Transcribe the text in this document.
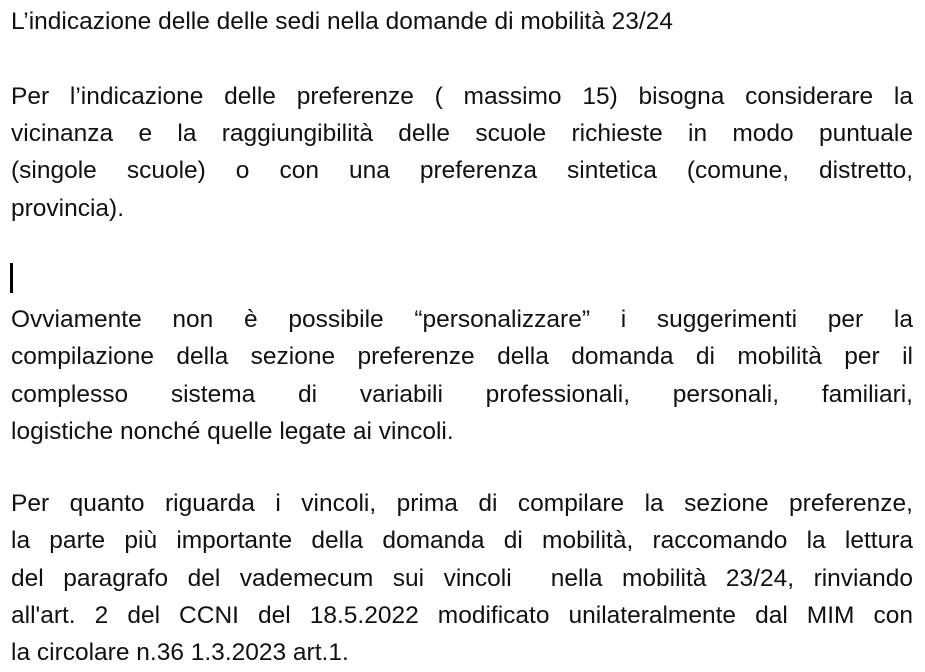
L’indicazione delle delle sedi nella domande di mobilità 23/24
Per l’indicazione delle preferenze ( massimo 15) bisogna considerare la
vicinanza e la raggiungibilità delle scuole richieste in modo puntuale
(singole scuole) o con una preferenza sintetica (comune, distretto,
provincia).
Ovviamente non è possibile “personalizzare” i suggerimenti per la
compilazione della sezione preferenze della domanda di mobilità per il
complesso sistema di variabili professionali, personali, familiari,
logistiche nonché quelle legate ai vincoli.
Per quanto riguarda i vincoli, prima di compilare la sezione preferenze,
la parte più importante della domanda di mobilità, raccomando la lettura
del paragrafo del vademecum sui vincoli  nella mobilità 23/24, rinviando
all'art. 2 del CCNI del 18.5.2022 modificato unilateralmente dal MIM con
la circolare n.36 1.3.2023 art.1.
